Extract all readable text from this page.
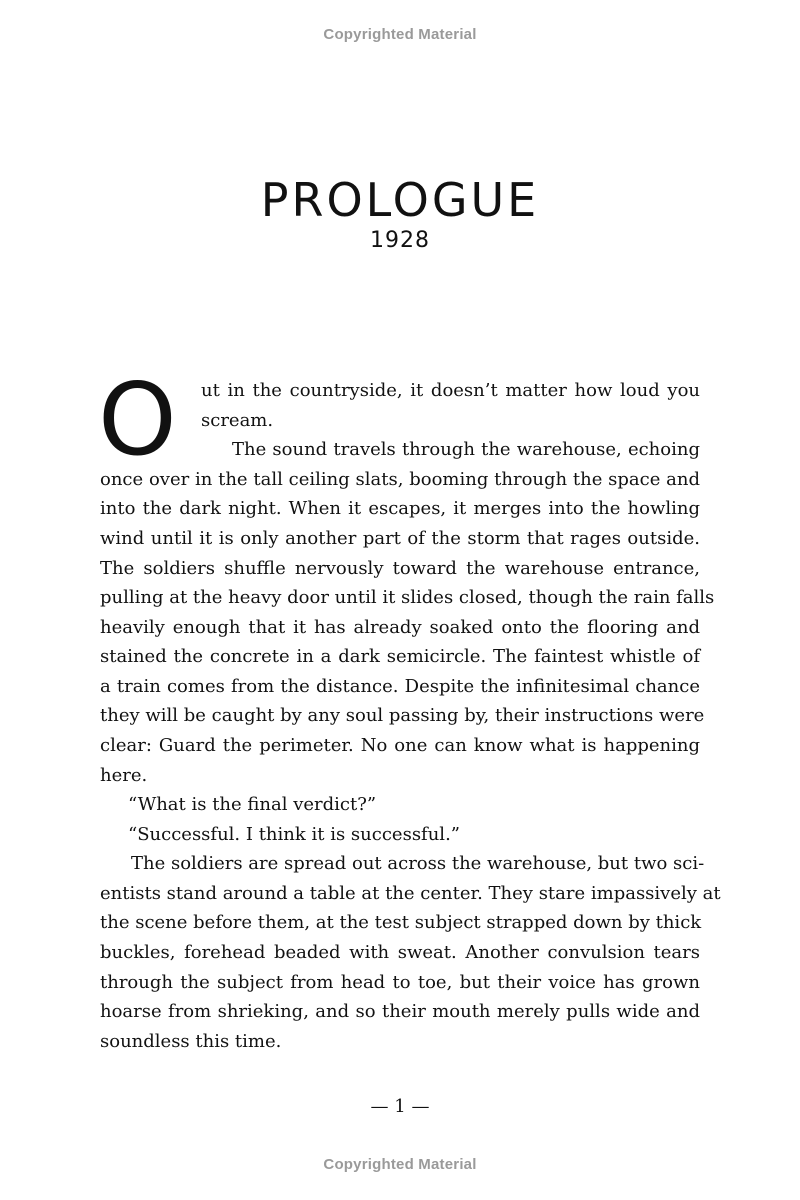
Copyrighted Material
PROLOGUE
1928
O ut in the countryside, it doesn’t matter how loud you
scream.
The sound travels through the warehouse, echoing
once over in the tall ceiling slats, booming through the space and
into the dark night. When it escapes, it merges into the howling
wind until it is only another part of the storm that rages outside.
The soldiers shuffle nervously toward the warehouse entrance,
pulling at the heavy door until it slides closed, though the rain falls
heavily enough that it has already soaked onto the flooring and
stained the concrete in a dark semicircle. The faintest whistle of
a train comes from the distance. Despite the infinitesimal chance
they will be caught by any soul passing by, their instructions were
clear: Guard the perimeter. No one can know what is happening
here.
“What is the final verdict?”
“Successful. I think it is successful.”
The soldiers are spread out across the warehouse, but two sci-
entists stand around a table at the center. They stare impassively at
the scene before them, at the test subject strapped down by thick
buckles, forehead beaded with sweat. Another convulsion tears
through the subject from head to toe, but their voice has grown
hoarse from shrieking, and so their mouth merely pulls wide and
soundless this time.
— 1 —
Copyrighted Material
